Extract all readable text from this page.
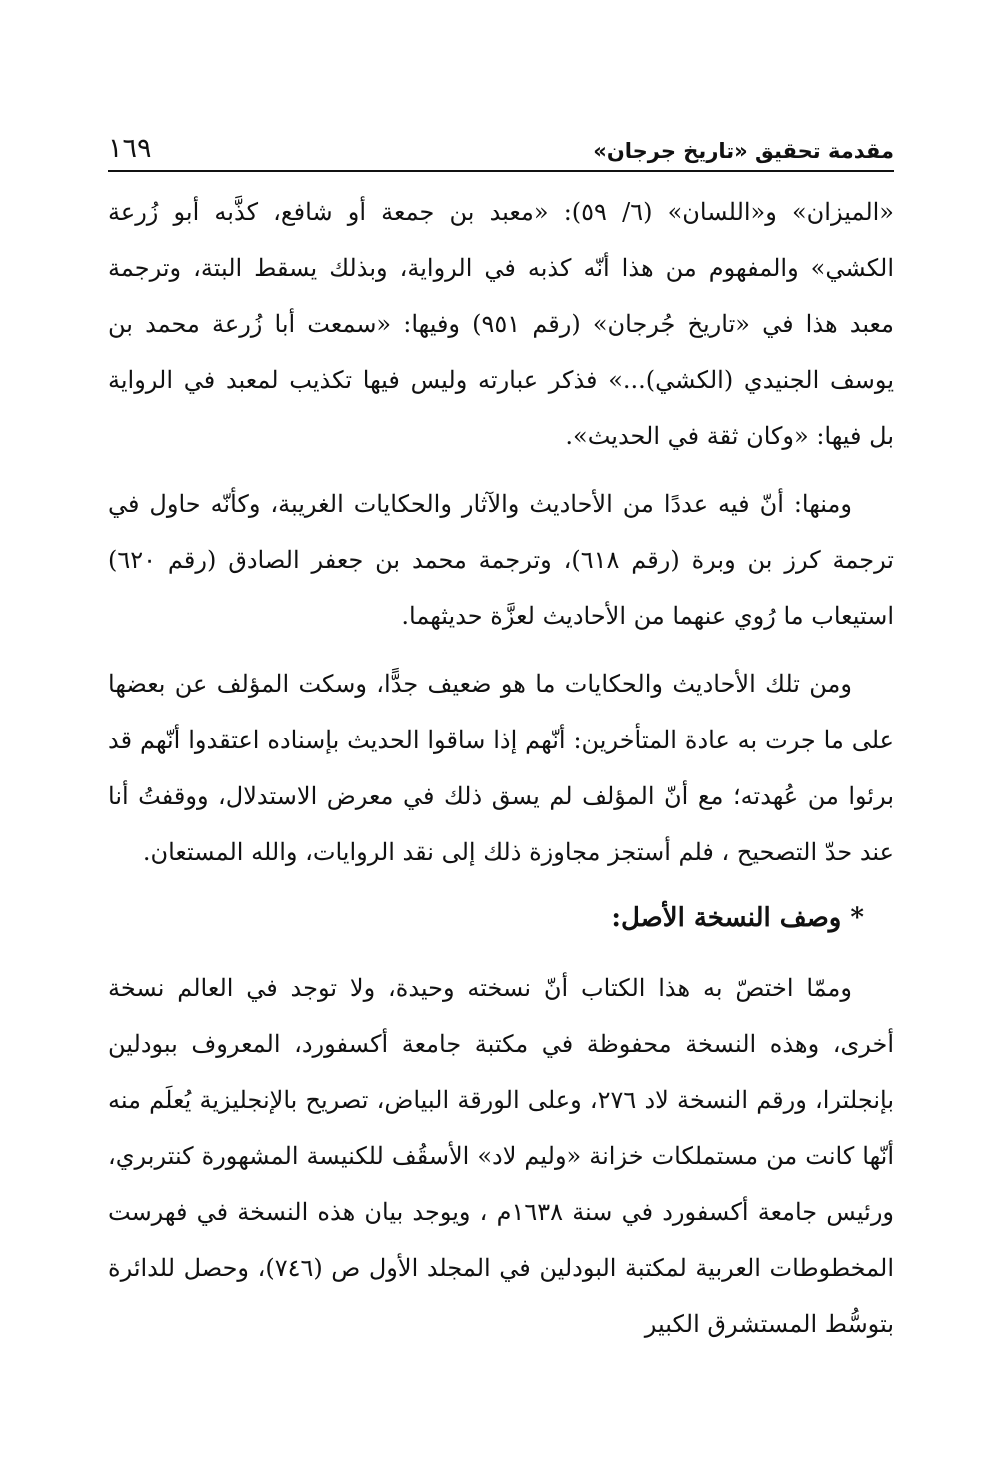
مقدمة تحقيق «تاريخ جرجان»
١٦٩

«الميزان» و«اللسان» (٦/ ٥٩): «معبد بن جمعة أو شافع، كذَّبه أبو زُرعة الكشي» والمفهوم من هذا أنّه كذبه في الرواية، وبذلك يسقط البتة، وترجمة معبد هذا في «تاريخ جُرجان» (رقم ٩٥١) وفيها: «سمعت أبا زُرعة محمد بن يوسف الجنيدي (الكشي)...» فذكر عبارته وليس فيها تكذيب لمعبد في الرواية بل فيها: «وكان ثقة في الحديث».

ومنها: أنّ فيه عددًا من الأحاديث والآثار والحكايات الغريبة، وكأنّه حاول في ترجمة كرز بن وبرة (رقم ٦١٨)، وترجمة محمد بن جعفر الصادق (رقم ٦٢٠) استيعاب ما رُوي عنهما من الأحاديث لعزَّة حديثهما.

ومن تلك الأحاديث والحكايات ما هو ضعيف جدًّا، وسكت المؤلف عن بعضها على ما جرت به عادة المتأخرين: أنّهم إذا ساقوا الحديث بإسناده اعتقدوا أنّهم قد برئوا من عُهدته؛ مع أنّ المؤلف لم يسق ذلك في معرض الاستدلال، ووقفتُ أنا عند حدّ التصحيح ، فلم أستجز مجاوزة ذلك إلى نقد الروايات، والله المستعان.

* وصف النسخة الأصل:

وممّا اختصّ به هذا الكتاب أنّ نسخته وحيدة، ولا توجد في العالم نسخة أخرى، وهذه النسخة محفوظة في مكتبة جامعة أكسفورد، المعروف ببودلين بإنجلترا، ورقم النسخة لاد ٢٧٦، وعلى الورقة البياض، تصريح بالإنجليزية يُعلَم منه أنّها كانت من مستملكات خزانة «وليم لاد» الأسقُف للكنيسة المشهورة كنتربري، ورئيس جامعة أكسفورد في سنة ١٦٣٨م ، ويوجد بيان هذه النسخة في فهرست المخطوطات العربية لمكتبة البودلين في المجلد الأول ص (٧٤٦)، وحصل للدائرة بتوسُّط المستشرق الكبير
